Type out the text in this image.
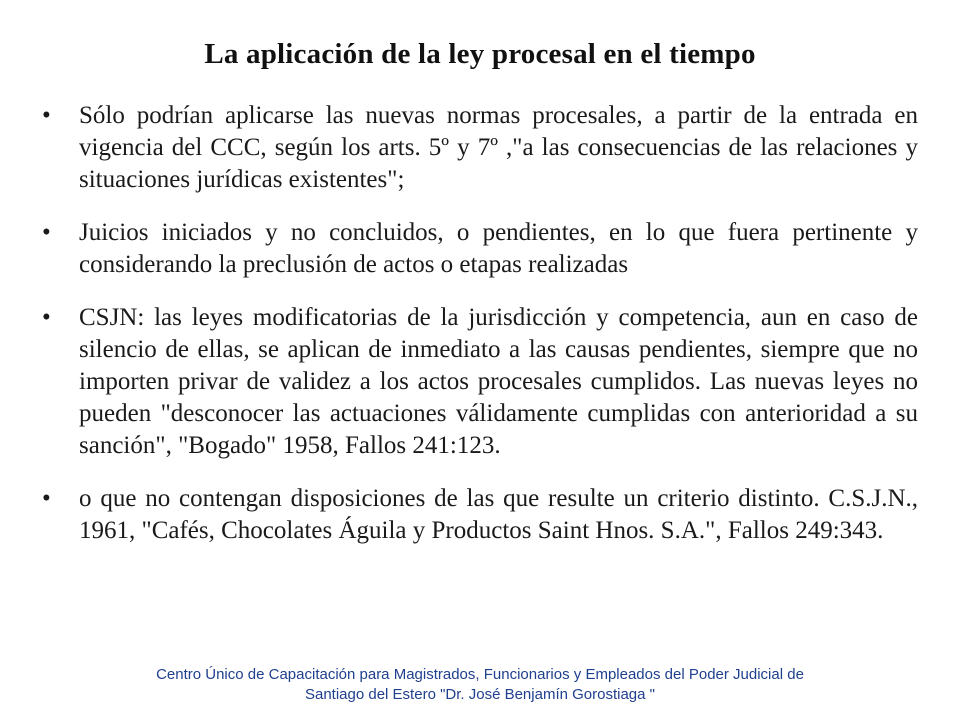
La aplicación de la ley procesal en el tiempo
• Sólo podrían aplicarse las nuevas normas procesales, a partir de la entrada en vigencia del CCC, según los arts. 5º y 7º ,"a las consecuencias de las relaciones y situaciones jurídicas existentes";
• Juicios iniciados y no concluidos, o pendientes, en lo que fuera pertinente y considerando la preclusión de actos o etapas realizadas
• CSJN: las leyes modificatorias de la jurisdicción y competencia, aun en caso de silencio de ellas, se aplican de inmediato a las causas pendientes, siempre que no importen privar de validez a los actos procesales cumplidos. Las nuevas leyes no pueden "desconocer las actuaciones válidamente cumplidas con anterioridad a su sanción", "Bogado" 1958, Fallos 241:123.
• o que no contengan disposiciones de las que resulte un criterio distinto. C.S.J.N., 1961, "Cafés, Chocolates Águila y Productos Saint Hnos. S.A.", Fallos 249:343.
Centro Único de Capacitación para Magistrados, Funcionarios y Empleados del Poder Judicial de
Santiago del Estero "Dr. José Benjamín Gorostiaga "
